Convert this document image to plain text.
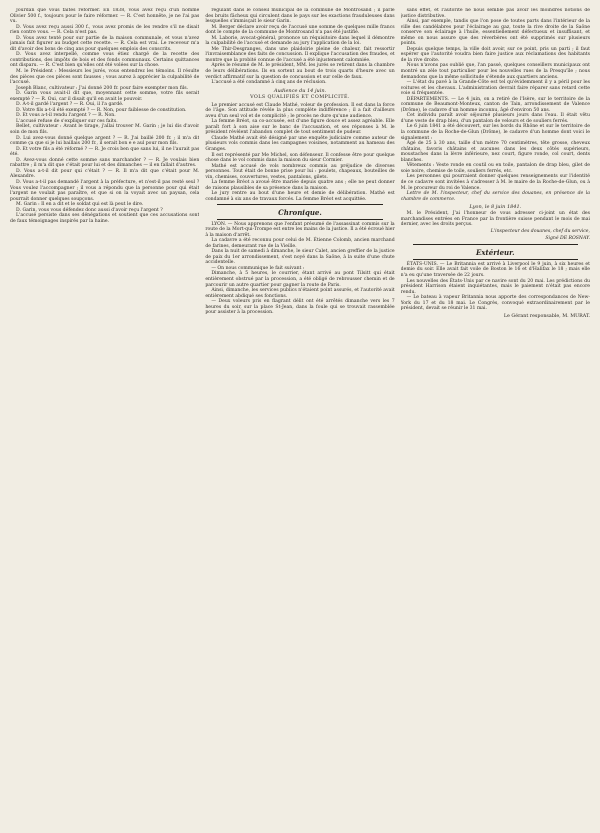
Jourdan que vous faites réformer. En 1838, vous avez reçu d'un nommé Olivier 500 f., toujours pour le faire réformer. — R. C'est honnête, je ne l'ai pas vu.

D. Vous avez reçu aussi 300 f., vous avez promis de les rendre s'il ne disait rien contre vous. — R. Cela n'est pas.

D. Vous avez tenté pour sur partie de la maison communale, et vous n'avez jamais fait figurer au budget cette recette. — R. Cela est vrai. Le receveur m'a dit d'avoir des bons de cinq ans pour quelques emplois des conscrits.

D. Vous avez interpellé, comme vous étiez chargé de la recette des contributions, des impôts de bois et des fonds communaux. Certains quittances ont disparu. — R. C'est bien qu'elles ont été volées sur la chose.

M. le Président : Messieurs les jurés, vous entendrez les témoins. Il résulte des pièces que ces pièces sont fausses ; vous aurez à apprécier la culpabilité de l'accusé.

Joseph Blanc, cultivateur : J'ai donné 200 fr. pour faire exempter mon fils.

D. Garin vous avait-il dit que, moyennant cette somme, votre fils serait exempté ? — R. Oui, car il disait qu'il en avait le pouvoir.

D. A-t-il gardé l'argent ? — R. Oui, il l'a gardé.

D. Votre fils a-t-il été exempté ? — R. Non, pour faiblesse de constitution.

D. Et vous a-t-il rendu l'argent ? — R. Non.

L'accusé refuse de s'expliquer sur ces faits.

Bellet, cultivateur : Avant le tirage, j'allai trouver M. Garin ; je lui dis d'avoir soin de mon fils.

D. Lui avez-vous donné quelque argent ? — R. J'ai baillé 200 fr. ; il m'a dit comme ça que si je lui baillais 200 fr., il serait bon e e aul pour mon fils.

D. Et votre fils a été réformé ? — R. Je crois ben que sans lui, il ne l'aurait pas été.

D. Avez-vous donné cette somme sans marchander ? — R. Je voulais bien rabattre ; il m'a dit que c'était pour lui et des dimanches — il en fallait d'autres.

D. Vous a-t-il dit pour qui c'était ? — R. Il m'a dit que c'était pour M. Alexandre.

D. Vous a-t-il pas demandé l'argent à la préfecture, et n'est-il pas resté seul ? Vous voulez l'accompagner ; il vous a répondu que la personne pour qui était l'argent ne voulait pas paraître, et que si on la voyait avec un paysan, cela pourrait donner quelques soupçons.

M. Garin : Il en a dit et le soldat qui est là peut le dire.

D. Garin, vous vous défendez donc aussi d'avoir reçu l'argent ?

L'accusé persiste dans ses dénégations et soutient que ces accusations sont de faux témoignages inspirés par la haine.

régulant dans le conseil municipal de la commune de Montrosand ; il parle des bruits fâcheux qui circulent dans le pays sur les exactions frauduleuses dans lesquelles s'immisçait le sieur Garin.

M. Berger déclare avoir reçu de l'accusé une somme de quelques mille francs dont le compte de la commune de Montrosand n'a pas été justifié.

M. Laborie, avocat-général, prononce un réquisitoire dans lequel il démontre la culpabilité de l'accusé et demande au jury l'application de la loi.

Me Thir-Desgranges, dans une plaidoirie pleine de chaleur, fait ressortir l'invraisemblance des faits de concussion. Il explique l'accusation des fraudes, et montre que la probité connue de l'accusé a été injustement calomniée.

Après le résumé de M. le président, MM. les jurés se retirent dans la chambre de leurs délibérations. Ils en sortent au bout de trois quarts d'heure avec un verdict affirmatif sur la question de concussion et sur celle de faux.

L'accusé a été condamné à cinq ans de réclusion.

Audience du 14 juin.
VOLS QUALIFIÉS ET COMPLICITÉ.

Le premier accusé est Claude Mathé, voleur de profession. Il est dans la force de l'âge. Son attitude révèle la plus complète indifférence ; il a fait d'ailleurs aveu d'un seul vol et de complicité ; le procès ne dure qu'une audience.

La femme Bréot, sa co-accusée, est d'une figure douce et assez agréable. Elle paraît fort à son aise sur le banc de l'accusation, et ses réponses à M. le président révèlent l'abandon complet de tout sentiment de pudeur.

Claude Mathé avait été désigné par une enquête judiciaire comme auteur de plusieurs vols commis dans les campagnes voisines, notamment au hameau des Granges.

Il est représenté par Me Michel, son défenseur. Il confesse être pour quelque chose dans le vol commis dans la maison du sieur Cormier.

Mathé est accusé de vols nombreux commis au préjudice de diverses personnes. Tout était de bonne prise pour lui : poulets, chapeaux, bouteilles de vin, chemises, couvertures, vestes, pantalons, gilets.

La femme Bréot a avoué être mariée depuis quatre ans ; elle ne peut donner de raisons plausibles de sa présence dans la maison.

Le jury rentre au bout d'une heure et demie de délibération. Mathé est condamné à six ans de travaux forcés. La femme Bréot est acquittée.

Chronique.

LYON. — Nous apprenons que l'enfant présumé de l'assassinat commis sur la route de la Mort-qui-Trompe est entre les mains de la justice. Il a été écroué hier à la maison d'arrêt.

La cadavre a été reconnu pour celui de M. Étienne Colomb, ancien marchand de farines, demeurant rue de la Vieille.

Dans la nuit de samedi à dimanche, le sieur Calet, ancien greffier de la justice de paix du 1er arrondissement, s'est noyé dans la Saône, à la suite d'une chute accidentelle.

— On nous communique le fait suivant :

Dimanche, à 5 heures, le courrier, étant arrivé au pont Tilsitt qui était entièrement obstrué par la procession, a été obligé de rebrousser chemin et de parcourir un autre quartier pour gagner la route de Paris.

Ainsi, dimanche, les services publics n'étaient point assurés, et l'autorité avait entièrement abdiqué ses fonctions.

— Deux voleurs pris en flagrant délit ont été arrêtés dimanche vers les 7 heures du soir, sur la place St-Jean, dans la foule qui se trouvait rassemblée pour assister à la procession.

sans effet, et l'autorité ne nous semble pas avoir les moindres notions de justice distributive.

Ainsi, par exemple, tandis que l'on pose de toutes parts dans l'intérieur de la ville des candélabres pour l'éclairage au gaz, toute la rive droite de la Saône conserve son éclairage à l'huile, essentiellement défectueux et insuffisant, et même on nous assure que des réverbères ont été supprimés sur plusieurs points.

Depuis quelque temps, la ville doit avoir, sur ce point, pris un parti ; il faut espérer que l'autorité voudra bien faire justice aux réclamations des habitants de la rive droite.

Nous n'avons pas oublié que, l'an passé, quelques conseillers municipaux ont montré un zèle tout particulier pour les nouvelles rues de la Presqu'île ; nous demandons que la même sollicitude s'étende aux quartiers anciens.

— L'état du pavé à la Grande-Côte est tel qu'évidemment il y a péril pour les voitures et les chevaux. L'administration devrait faire réparer sans retard cette voie si fréquentée.

DÉPARTEMENTS. — Le 4 juin, on a retiré de l'Isère, sur le territoire de la commune de Beaumont-Monteux, canton de Tain, arrondissement de Valence (Drôme), le cadavre d'un homme inconnu, âgé d'environ 50 ans.

Cet individu paraît avoir séjourné plusieurs jours dans l'eau. Il était vêtu d'une veste de drap bleu, d'un pantalon de velours et de souliers ferrés.

Le 6 juin 1841 a été découvert, sur les bords du Rhône et sur le territoire de la commune de la Roche-de-Glun (Drôme), le cadavre d'un homme dont voici le signalement :

Âgé de 25 à 30 ans, taille d'un mètre 70 centimètres, tête grosse, cheveux châtains, favoris châtains et aucunes dans les deux côtés supérieurs, moustaches dans la lèvre inférieure, nez court, figure ronde, col court, dents blanches.

Vêtements : Veste ronde en coutil ou en toile, pantalon de drap bleu, gilet de soie noire, chemise de toile, souliers ferrés, etc.

Les personnes qui pourraient donner quelques renseignements sur l'identité de ce cadavre sont invitées à s'adresser à M. le maire de la Roche-de-Glun, ou à M. le procureur du roi de Valence.

Lettre de M. l'inspecteur, chef du service des douanes, en présence de la chambre de commerce.

Lyon, le 8 juin 1841.

M. le Président, J'ai l'honneur de vous adresser ci-joint un état des marchandises entrées en France par la frontière suisse pendant le mois de mai dernier, avec les droits perçus.

L'inspecteur des douanes, chef du service,
Signé DE ROSNAY.
Extérieur.

ÉTATS-UNIS. — Le Britannia est arrivé à Liverpool le 9 juin, à six heures et demie du soir. Elle avait fait voile de Boston le 16 et d'Halifax le 18 ; mais elle n'a eu qu'une traversée de 22 jours.

Les nouvelles des États-Unis par ce navire sont du 20 mai. Les prédictions du président Harrison étaient inquiétantes, mais le paiement n'était pas encore rendu.

— Le bateau à vapeur Britannia nous apporte des correspondances de New-York du 17 et du 18 mai. Le Congrès, convoqué extraordinairement par le président, devait se réunir le 31 mai.

Le Gérant responsable, M. MURAT.
